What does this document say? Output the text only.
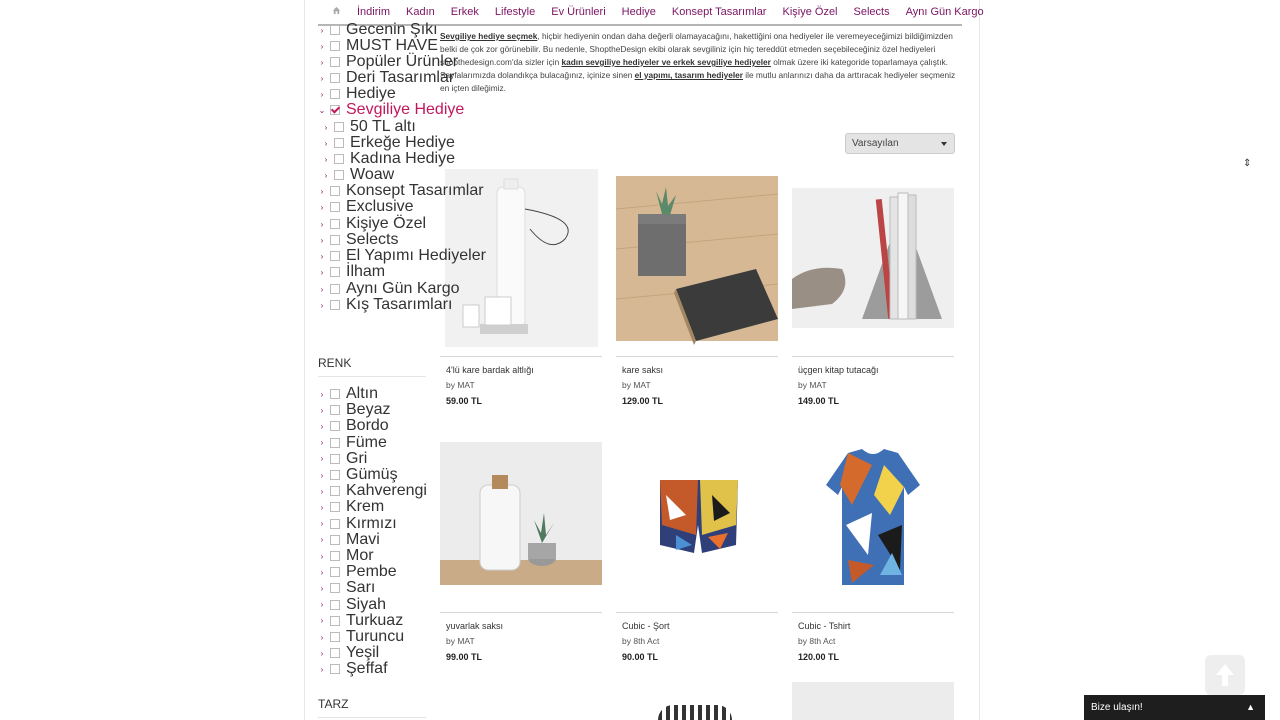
İndirim Kadın Erkek Lifestyle Ev Ürünleri Hediye Konsept Tasarımlar Kişiye Özel Selects Aynı Gün Kargo
RENK
TARZ
Sevgiliye hediye seçmek, hiçbir hediyenin ondan daha değerli olamayacağını, hakettiğini ona hediyeler ile veremeyeceğimizi bildiğimizden belki de çok zor görünebilir. Bu nedenle, ShoptheDesign ekibi olarak sevgiliniz için hiç tereddüt etmeden seçebileceğiniz özel hediyeleri shopthedesign.com'da sizler için kadın sevgiliye hediyeler ve erkek sevgiliye hediyeler olmak üzere iki kategoride toparlamaya çalıştık. Sayfalarımızda dolandıkça bulacağınız, içinize sinen el yapımı, tasarım hediyeler ile mutlu anlarınızı daha da arttıracak hediyeler seçmeniz en içten dileğimiz.
Varsayılan
⇕
4'lü kare bardak altlığı
by MAT
59.00 TL
kare saksı
by MAT
129.00 TL
üçgen kitap tutacağı
by MAT
149.00 TL
yuvarlak saksı
by MAT
99.00 TL
Cubic - Şort
by 8th Act
90.00 TL
Cubic - Tshirt
by 8th Act
120.00 TL
Bize ulaşın!	▲
› Gecenin Şıkı
› MUST HAVE
› Popüler Ürünler
› Deri Tasarımlar
› Hediye
⌄ Sevgiliye Hediye
› 50 TL altı
› Erkeğe Hediye
› Kadına Hediye
› Woaw
› Konsept Tasarımlar
› Exclusive
› Kişiye Özel
› Selects
› El Yapımı Hediyeler
› İlham
› Aynı Gün Kargo
› Kış Tasarımları
› Altın
› Beyaz
› Bordo
› Füme
› Gri
› Gümüş
› Kahverengi
› Krem
› Kırmızı
› Mavi
› Mor
› Pembe
› Sarı
› Siyah
› Turkuaz
› Turuncu
› Yeşil
› Şeffaf
